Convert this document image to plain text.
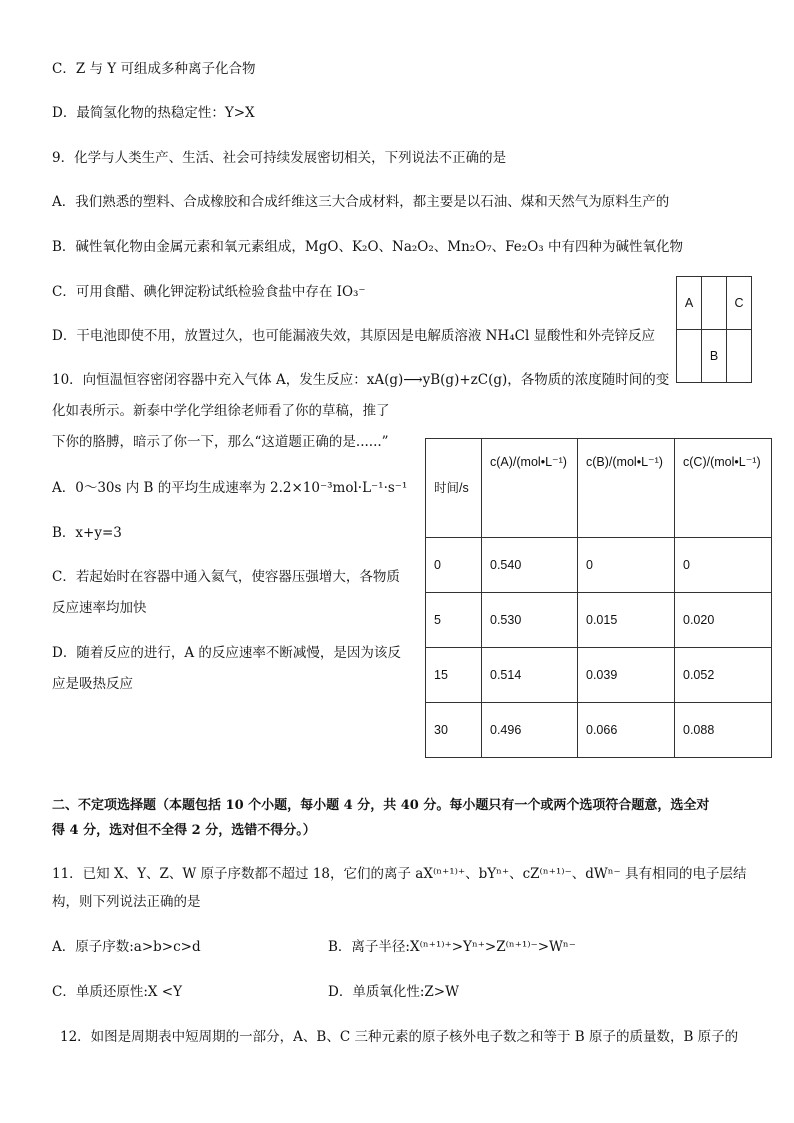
C．Z 与 Y 可组成多种离子化合物
D．最简氢化物的热稳定性：Y>X
9．化学与人类生产、生活、社会可持续发展密切相关，下列说法不正确的是
A．我们熟悉的塑料、合成橡胶和合成纤维这三大合成材料，都主要是以石油、煤和天然气为原料生产的
B．碱性氧化物由金属元素和氧元素组成，MgO、K₂O、Na₂O₂、Mn₂O₇、Fe₂O₃ 中有四种为碱性氧化物
C．可用食醋、碘化钾淀粉试纸检验食盐中存在 IO₃⁻
D．干电池即使不用，放置过久，也可能漏液失效，其原因是电解质溶液 NH₄Cl 显酸性和外壳锌反应
A		C
	B	
10．向恒温恒容密闭容器中充入气体 A，发生反应：xA(g)⟶yB(g)+zC(g)，各物质的浓度随时间的变
化如表所示。新泰中学化学组徐老师看了你的草稿，推了
下你的胳膊，暗示了你一下，那么“这道题正确的是......”
A．0～30s 内 B 的平均生成速率为 2.2×10⁻³mol·L⁻¹·s⁻¹
B．x+y=3
C．若起始时在容器中通入氦气，使容器压强增大，各物质
反应速率均加快
D．随着反应的进行，A 的反应速率不断减慢，是因为该反
应是吸热反应
时间/s	c(A)/(mol•L⁻¹)	c(B)/(mol•L⁻¹)	c(C)/(mol•L⁻¹)
0	0.540	0	0
5	0.530	0.015	0.020
15	0.514	0.039	0.052
30	0.496	0.066	0.088
二、不定项选择题（本题包括 10 个小题，每小题 4 分，共 40 分。每小题只有一个或两个选项符合题意，选全对
得 4 分，选对但不全得 2 分，选错不得分。）
11．已知 X、Y、Z、W 原子序数都不超过 18，它们的离子 aX⁽ⁿ⁺¹⁾⁺、bYⁿ⁺、cZ⁽ⁿ⁺¹⁾⁻、dWⁿ⁻ 具有相同的电子层结
构，则下列说法正确的是
A．原子序数:a>b>c>d	B．离子半径:X⁽ⁿ⁺¹⁾⁺>Yⁿ⁺>Z⁽ⁿ⁺¹⁾⁻>Wⁿ⁻
C．单质还原性:X <Y	D．单质氧化性:Z>W
12．如图是周期表中短周期的一部分，A、B、C 三种元素的原子核外电子数之和等于 B 原子的质量数，B 原子的
